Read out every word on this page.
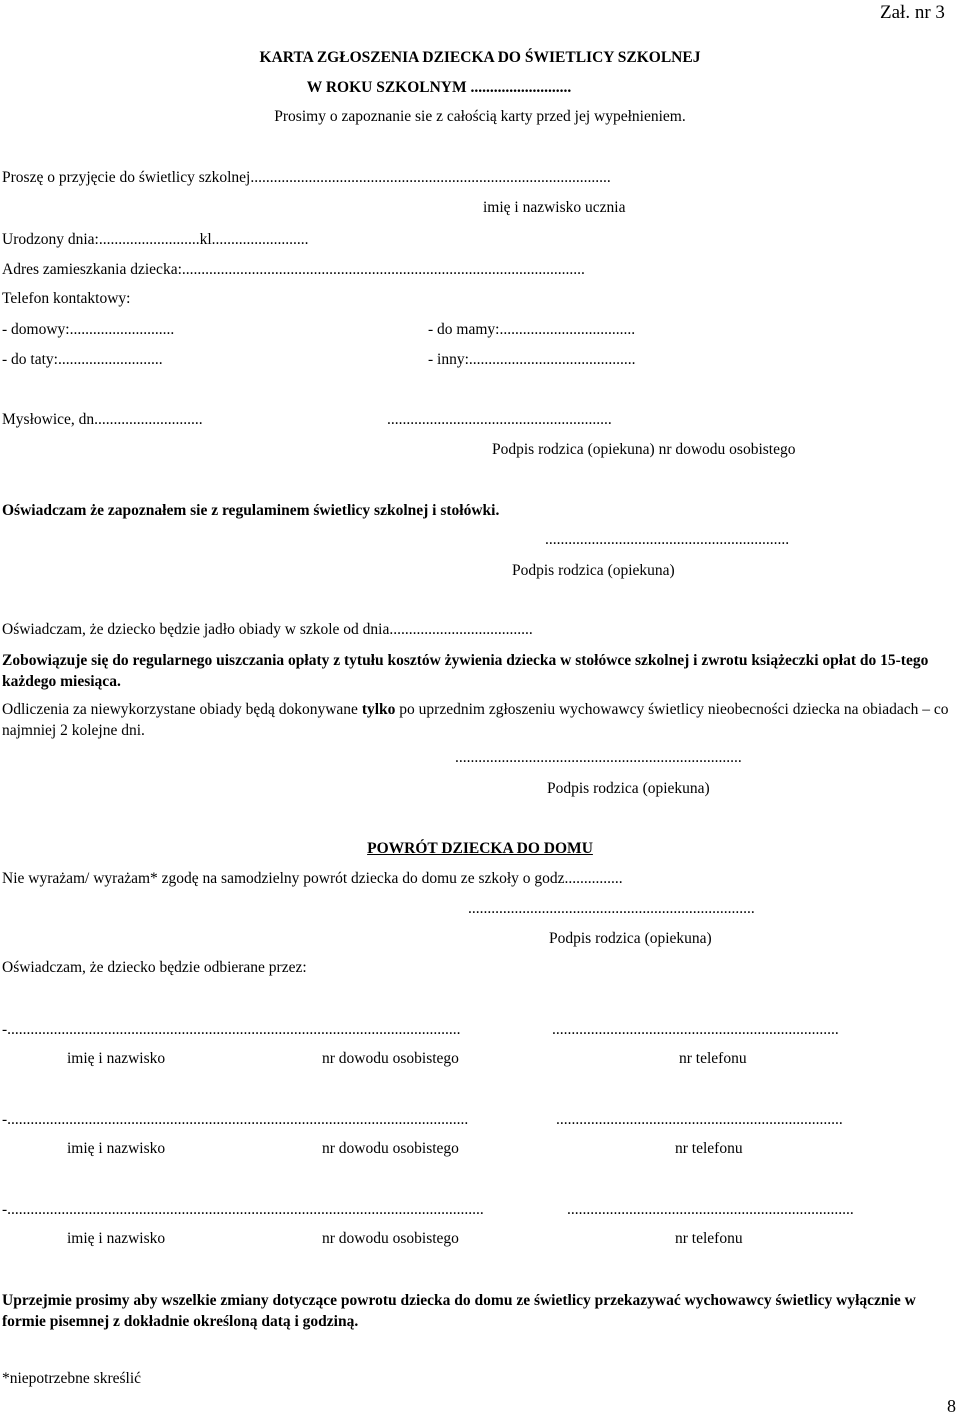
Zał. nr 3
KARTA ZGŁOSZENIA DZIECKA DO ŚWIETLICY SZKOLNEJ
W ROKU SZKOLNYM ..........................
Prosimy o zapoznanie sie z całością karty przed jej wypełnieniem.
Proszę o przyjęcie do świetlicy szkolnej.............................................................................................
imię i nazwisko ucznia
Urodzony dnia:..........................kl.........................
Adres zamieszkania dziecka:........................................................................................................
Telefon kontaktowy:
- domowy:...........................	- do mamy:...................................
- do taty:...........................	- inny:...........................................
Mysłowice, dn............................	..........................................................
Podpis rodzica (opiekuna) nr dowodu osobistego
Oświadczam że zapoznałem sie z regulaminem świetlicy szkolnej i stołówki.
...............................................................
Podpis rodzica (opiekuna)
Oświadczam, że dziecko będzie jadło obiady w szkole od dnia.....................................
Zobowiązuje się do regularnego uiszczania opłaty z tytułu kosztów żywienia dziecka w stołówce szkolnej i zwrotu książeczki opłat do 15-tego każdego miesiąca.
Odliczenia za niewykorzystane obiady będą dokonywane tylko po uprzednim zgłoszeniu wychowawcy świetlicy nieobecności dziecka na obiadach – co najmniej 2 kolejne dni.
..........................................................................
Podpis rodzica (opiekuna)
POWRÓT DZIECKA DO DOMU
Nie wyrażam/ wyrażam* zgodę na samodzielny powrót dziecka do domu ze szkoły o godz...............
..........................................................................
Podpis rodzica (opiekuna)
Oświadczam, że dziecko będzie odbierane przez:
-.....................................................................................................................	..........................................................................
imię i nazwisko	nr dowodu osobistego	nr telefonu
-.......................................................................................................................	..........................................................................
imię i nazwisko	nr dowodu osobistego	nr telefonu
-...........................................................................................................................	..........................................................................
imię i nazwisko	nr dowodu osobistego	nr telefonu
Uprzejmie prosimy aby wszelkie zmiany dotyczące powrotu dziecka do domu ze świetlicy przekazywać wychowawcy świetlicy wyłącznie w formie pisemnej z dokładnie określoną datą i godziną.
*niepotrzebne skreślić
8
